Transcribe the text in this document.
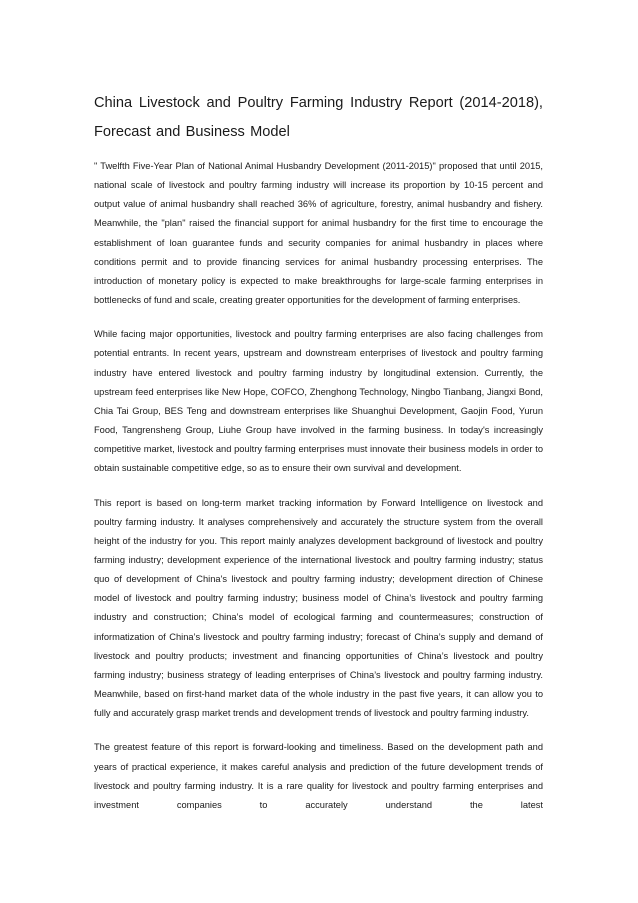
China Livestock and Poultry Farming Industry Report (2014-2018), Forecast and Business Model

" Twelfth Five-Year Plan of National Animal Husbandry Development (2011-2015)" proposed that until 2015, national scale of livestock and poultry farming industry will increase its proportion by 10-15 percent and output value of animal husbandry shall reached 36% of agriculture, forestry, animal husbandry and fishery. Meanwhile, the "plan" raised the financial support for animal husbandry for the first time to encourage the establishment of loan guarantee funds and security companies for animal husbandry in places where conditions permit and to provide financing services for animal husbandry processing enterprises. The introduction of monetary policy is expected to make breakthroughs for large-scale farming enterprises in bottlenecks of fund and scale, creating greater opportunities for the development of farming enterprises.

While facing major opportunities, livestock and poultry farming enterprises are also facing challenges from potential entrants. In recent years, upstream and downstream enterprises of livestock and poultry farming industry have entered livestock and poultry farming industry by longitudinal extension. Currently, the upstream feed enterprises like New Hope, COFCO, Zhenghong Technology, Ningbo Tianbang, Jiangxi Bond, Chia Tai Group, BES Teng and downstream enterprises like Shuanghui Development, Gaojin Food, Yurun Food, Tangrensheng Group, Liuhe Group have involved in the farming business. In today's increasingly competitive market, livestock and poultry farming enterprises must innovate their business models in order to obtain sustainable competitive edge, so as to ensure their own survival and development.

This report is based on long-term market tracking information by Forward Intelligence on livestock and poultry farming industry. It analyses comprehensively and accurately the structure system from the overall height of the industry for you. This report mainly analyzes development background of livestock and poultry farming industry; development experience of the international livestock and poultry farming industry; status quo of development of China's livestock and poultry farming industry; development direction of Chinese model of livestock and poultry farming industry; business model of China’s livestock and poultry farming industry and construction; China’s model of ecological farming and countermeasures; construction of informatization of China’s livestock and poultry farming industry; forecast of China’s supply and demand of livestock and poultry products; investment and financing opportunities of China’s livestock and poultry farming industry; business strategy of leading enterprises of China’s livestock and poultry farming industry. Meanwhile, based on first-hand market data of the whole industry in the past five years, it can allow you to fully and accurately grasp market trends and development trends of livestock and poultry farming industry.

The greatest feature of this report is forward-looking and timeliness. Based on the development path and years of practical experience, it makes careful analysis and prediction of the future development trends of livestock and poultry farming industry. It is a rare quality for livestock and poultry farming enterprises and investment companies to accurately understand the latest
